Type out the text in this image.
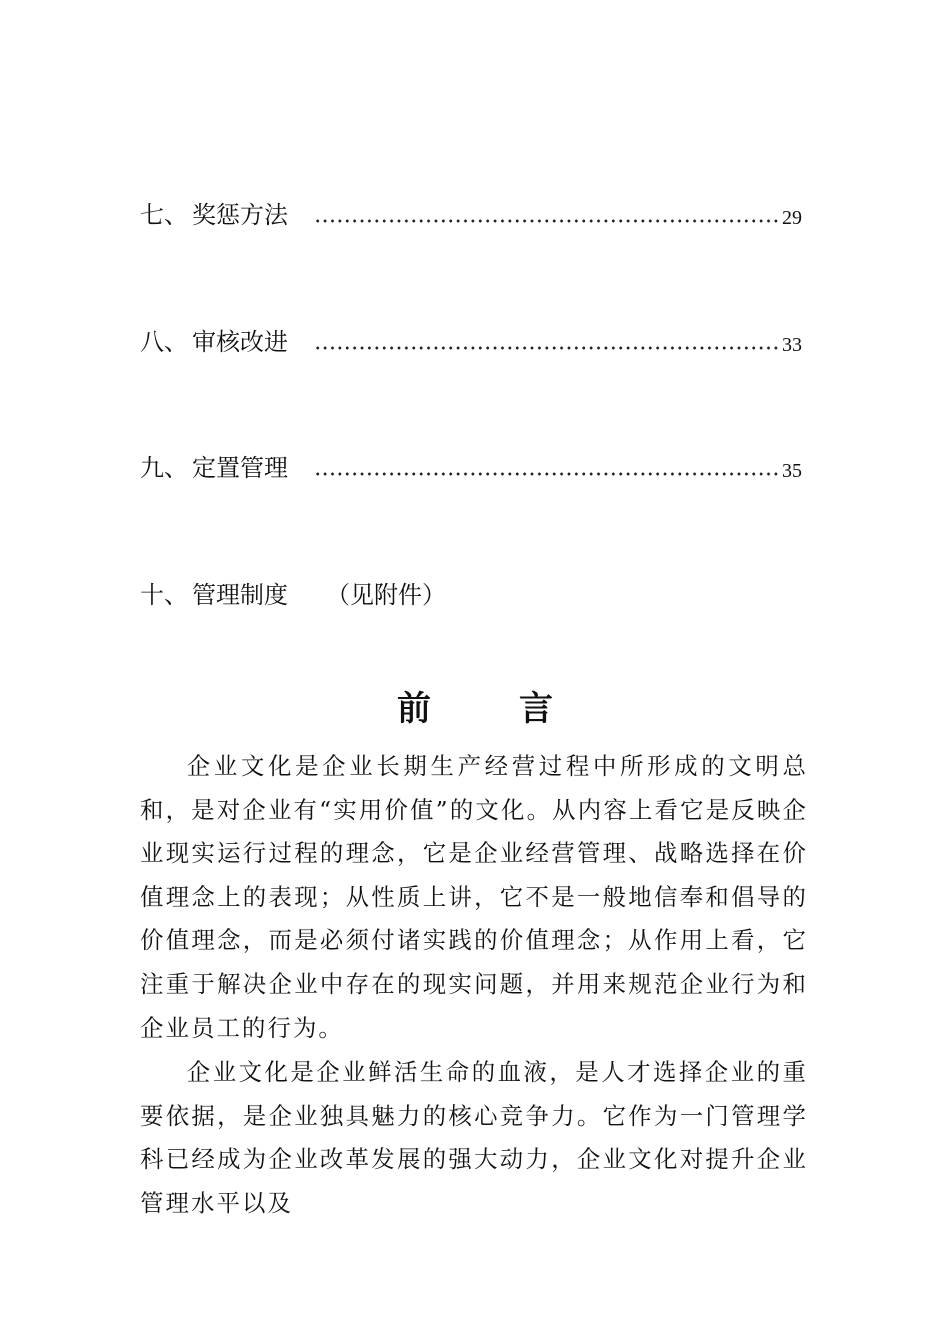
七、 奖惩方法	29
八、 审核改进	33
九、 定置管理	35
十、 管理制度 （见附件）
前言

企业文化是企业长期生产经营过程中所形成的文明总和，是对企业有“实用价值”的文化。从内容上看它是反映企业现实运行过程的理念，它是企业经营管理、战略选择在价值理念上的表现；从性质上讲，它不是一般地信奉和倡导的价值理念，而是必须付诸实践的价值理念；从作用上看，它注重于解决企业中存在的现实问题，并用来规范企业行为和企业员工的行为。

企业文化是企业鲜活生命的血液，是人才选择企业的重要依据，是企业独具魅力的核心竞争力。它作为一门管理学科已经成为企业改革发展的强大动力，企业文化对提升企业管理水平以及
